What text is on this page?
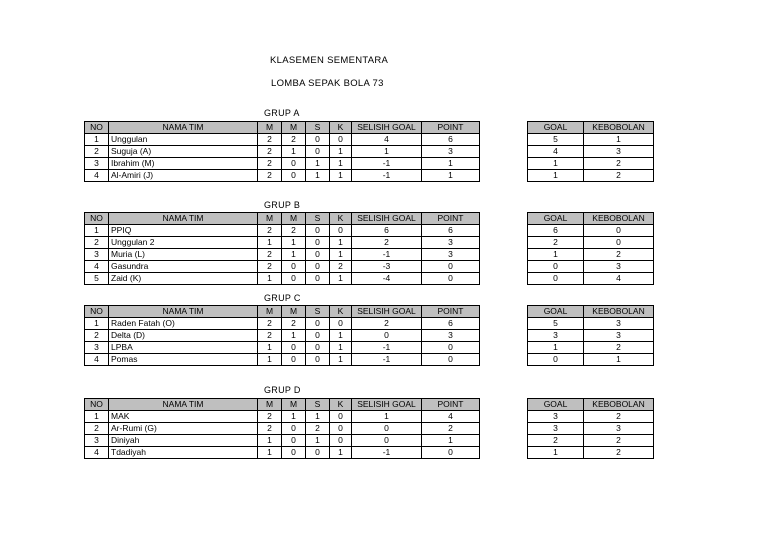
KLASEMEN SEMENTARA
LOMBA SEPAK BOLA 73
GRUP A
NO	NAMA TIM	M	M	S	K	SELISIH GOAL	POINT
1	Unggulan	2	2	0	0	4	6
2	Suguja (A)	2	1	0	1	1	3
3	Ibrahim (M)	2	0	1	1	-1	1
4	Al-Amiri (J)	2	0	1	1	-1	1
GOAL	KEBOBOLAN
5	1
4	3
1	2
1	2
GRUP B
NO	NAMA TIM	M	M	S	K	SELISIH GOAL	POINT
1	PPIQ	2	2	0	0	6	6
2	Unggulan 2	1	1	0	1	2	3
3	Muria (L)	2	1	0	1	-1	3
4	Gasundra	2	0	0	2	-3	0
5	Zaid (K)	1	0	0	1	-4	0
GOAL	KEBOBOLAN
6	0
2	0
1	2
0	3
0	4
GRUP C
NO	NAMA TIM	M	M	S	K	SELISIH GOAL	POINT
1	Raden Fatah (O)	2	2	0	0	2	6
2	Delta (D)	2	1	0	1	0	3
3	LPBA	1	0	0	1	-1	0
4	Pomas	1	0	0	1	-1	0
GOAL	KEBOBOLAN
5	3
3	3
1	2
0	1
GRUP D
NO	NAMA TIM	M	M	S	K	SELISIH GOAL	POINT
1	MAK	2	1	1	0	1	4
2	Ar-Rumi (G)	2	0	2	0	0	2
3	Diniyah	1	0	1	0	0	1
4	Tdadiyah	1	0	0	1	-1	0
GOAL	KEBOBOLAN
3	2
3	3
2	2
1	2
